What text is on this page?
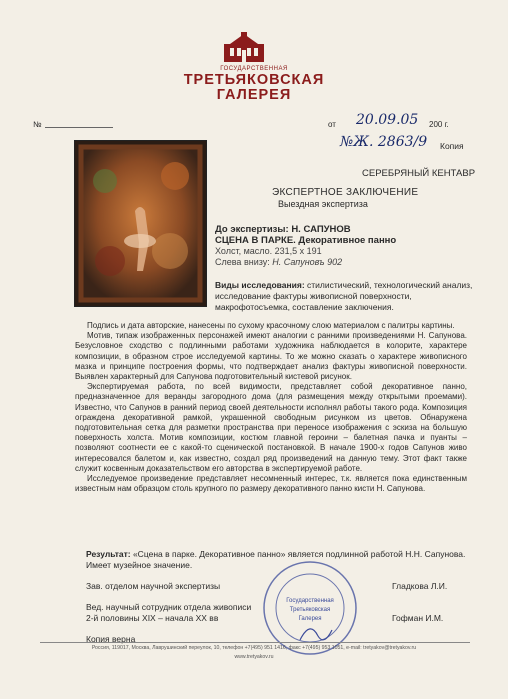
ГОСУДАРСТВЕННАЯ
ТРЕТЬЯКОВСКАЯ
ГАЛЕРЕЯ
№	от 20.09.05 200 г.
№Ж. 2863/9 Копия
СЕРЕБРЯНЫЙ КЕНТАВР
ЭКСПЕРТНОЕ ЗАКЛЮЧЕНИЕ
Выездная экспертиза
До экспертизы: Н. САПУНОВ
СЦЕНА В ПАРКЕ. Декоративное панно
Холст, масло. 231,5 х 191
Слева внизу: Н. Сапуновъ 902
Виды исследования: стилистический, технологический анализ, исследование фактуры живописной поверхности, макрофотосъемка, составление заключения.

Подпись и дата авторские, нанесены по сухому красочному слою материалом с палитры картины.

Мотив, типаж изображенных персонажей имеют аналогии с ранними произведениями Н. Сапунова. Безусловное сходство с подлинными работами художника наблюдается в колорите, характере композиции, в образном строе исследуемой картины. То же можно сказать о характере живописного мазка и принципе построения формы, что подтверждает анализ фактуры живописной поверхности. Выявлен характерный для Сапунова подготовительный кистевой рисунок.

Экспертируемая работа, по всей видимости, представляет собой декоративное панно, предназначенное для веранды загородного дома (для размещения между открытыми проемами). Известно, что Сапунов в ранний период своей деятельности исполнял работы такого рода. Композиция ограждена декоративной рамкой, украшенной свободным рисунком из цветов. Обнаружена подготовительная сетка для разметки пространства при переносе изображения с эскиза на большую поверхность холста. Мотив композиции, костюм главной героини – балетная пачка и пуанты – позволяют соотнести ее с какой-то сценической постановкой. В начале 1900-х годов Сапунов живо интересовался балетом и, как известно, создал ряд произведений на данную тему. Этот факт также служит косвенным доказательством его авторства в экспертируемой работе.

Исследуемое произведение представляет несомненный интерес, т.к. является пока единственным известным нам образцом столь крупного по размеру декоративного панно кисти Н. Сапунова.

Результат: «Сцена в парке. Декоративное панно» является подлинной работой Н.Н. Сапунова. Имеет музейное значение.
Зав. отделом научной экспертизы	Гладкова Л.И.
Вед. научный сотрудник отдела живописи
2-й половины XIX – начала XX вв	Гофман И.М.
Копия верна
Государственная
Третьяковская
Галерея
Россия, 119017, Москва, Лаврушинский переулок, 10, телефон +7(495) 951 1416, факс +7(495) 953 1051, e-mail: tretyakov@tretyakov.ru
www.tretyakov.ru
